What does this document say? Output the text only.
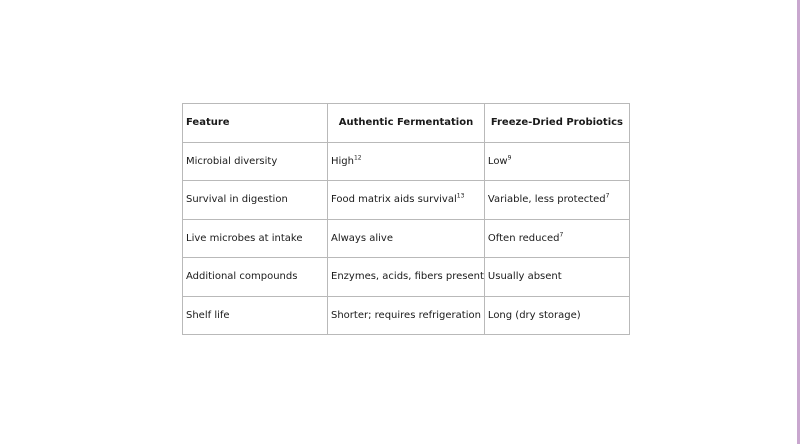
Feature	Authentic Fermentation	Freeze-Dried Probiotics
Microbial diversity	High$^{12}$	Low$^9$
Survival in digestion	Food matrix aids survival$^{13}$	Variable, less protected$^7$
Live microbes at intake	Always alive	Often reduced$^7$
Additional compounds	Enzymes, acids, fibers present	Usually absent
Shelf life	Shorter; requires refrigeration	Long (dry storage)
